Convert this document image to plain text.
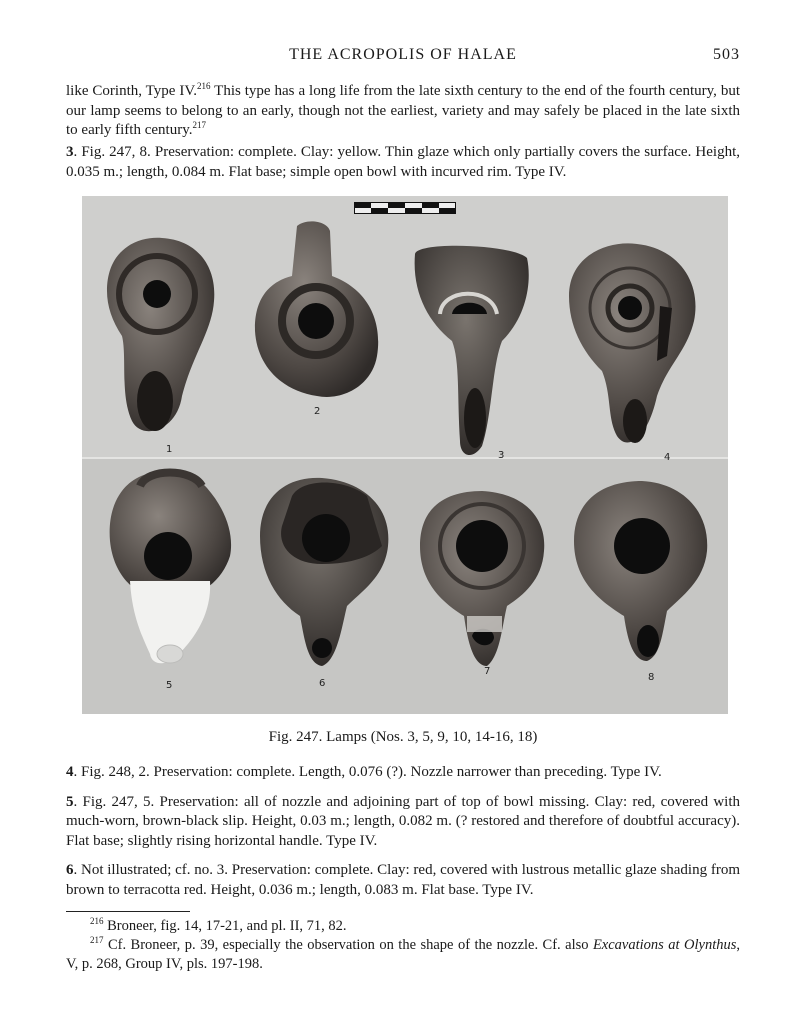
THE ACROPOLIS OF HALAE	503

like Corinth, Type IV.$^{216}$ This type has a long life from the late sixth century to the end of the fourth century, but our lamp seems to belong to an early, though not the earliest, variety and may safely be placed in the late sixth to early fifth century.$^{217}$

3. Fig. 247, 8. Preservation: complete. Clay: yellow. Thin glaze which only partially covers the surface. Height, 0.035 m.; length, 0.084 m. Flat base; simple open bowl with incurved rim. Type IV.

1
2
3	4
5	6
7
8
Fig. 247. Lamps (Nos. 3, 5, 9, 10, 14-16, 18)

4. Fig. 248, 2. Preservation: complete. Length, 0.076 (?). Nozzle narrower than preceding. Type IV.

5. Fig. 247, 5. Preservation: all of nozzle and adjoining part of top of bowl missing. Clay: red, covered with much-worn, brown-black slip. Height, 0.03 m.; length, 0.082 m. (? restored and therefore of doubtful accuracy). Flat base; slightly rising horizontal handle. Type IV.

6. Not illustrated; cf. no. 3. Preservation: complete. Clay: red, covered with lustrous metallic glaze shading from brown to terracotta red. Height, 0.036 m.; length, 0.083 m. Flat base. Type IV.

$^{216}$ Broneer, fig. 14, 17-21, and pl. II, 71, 82.

$^{217}$ Cf. Broneer, p. 39, especially the observation on the shape of the nozzle. Cf. also Excavations at Olynthus, V, p. 268, Group IV, pls. 197-198.
